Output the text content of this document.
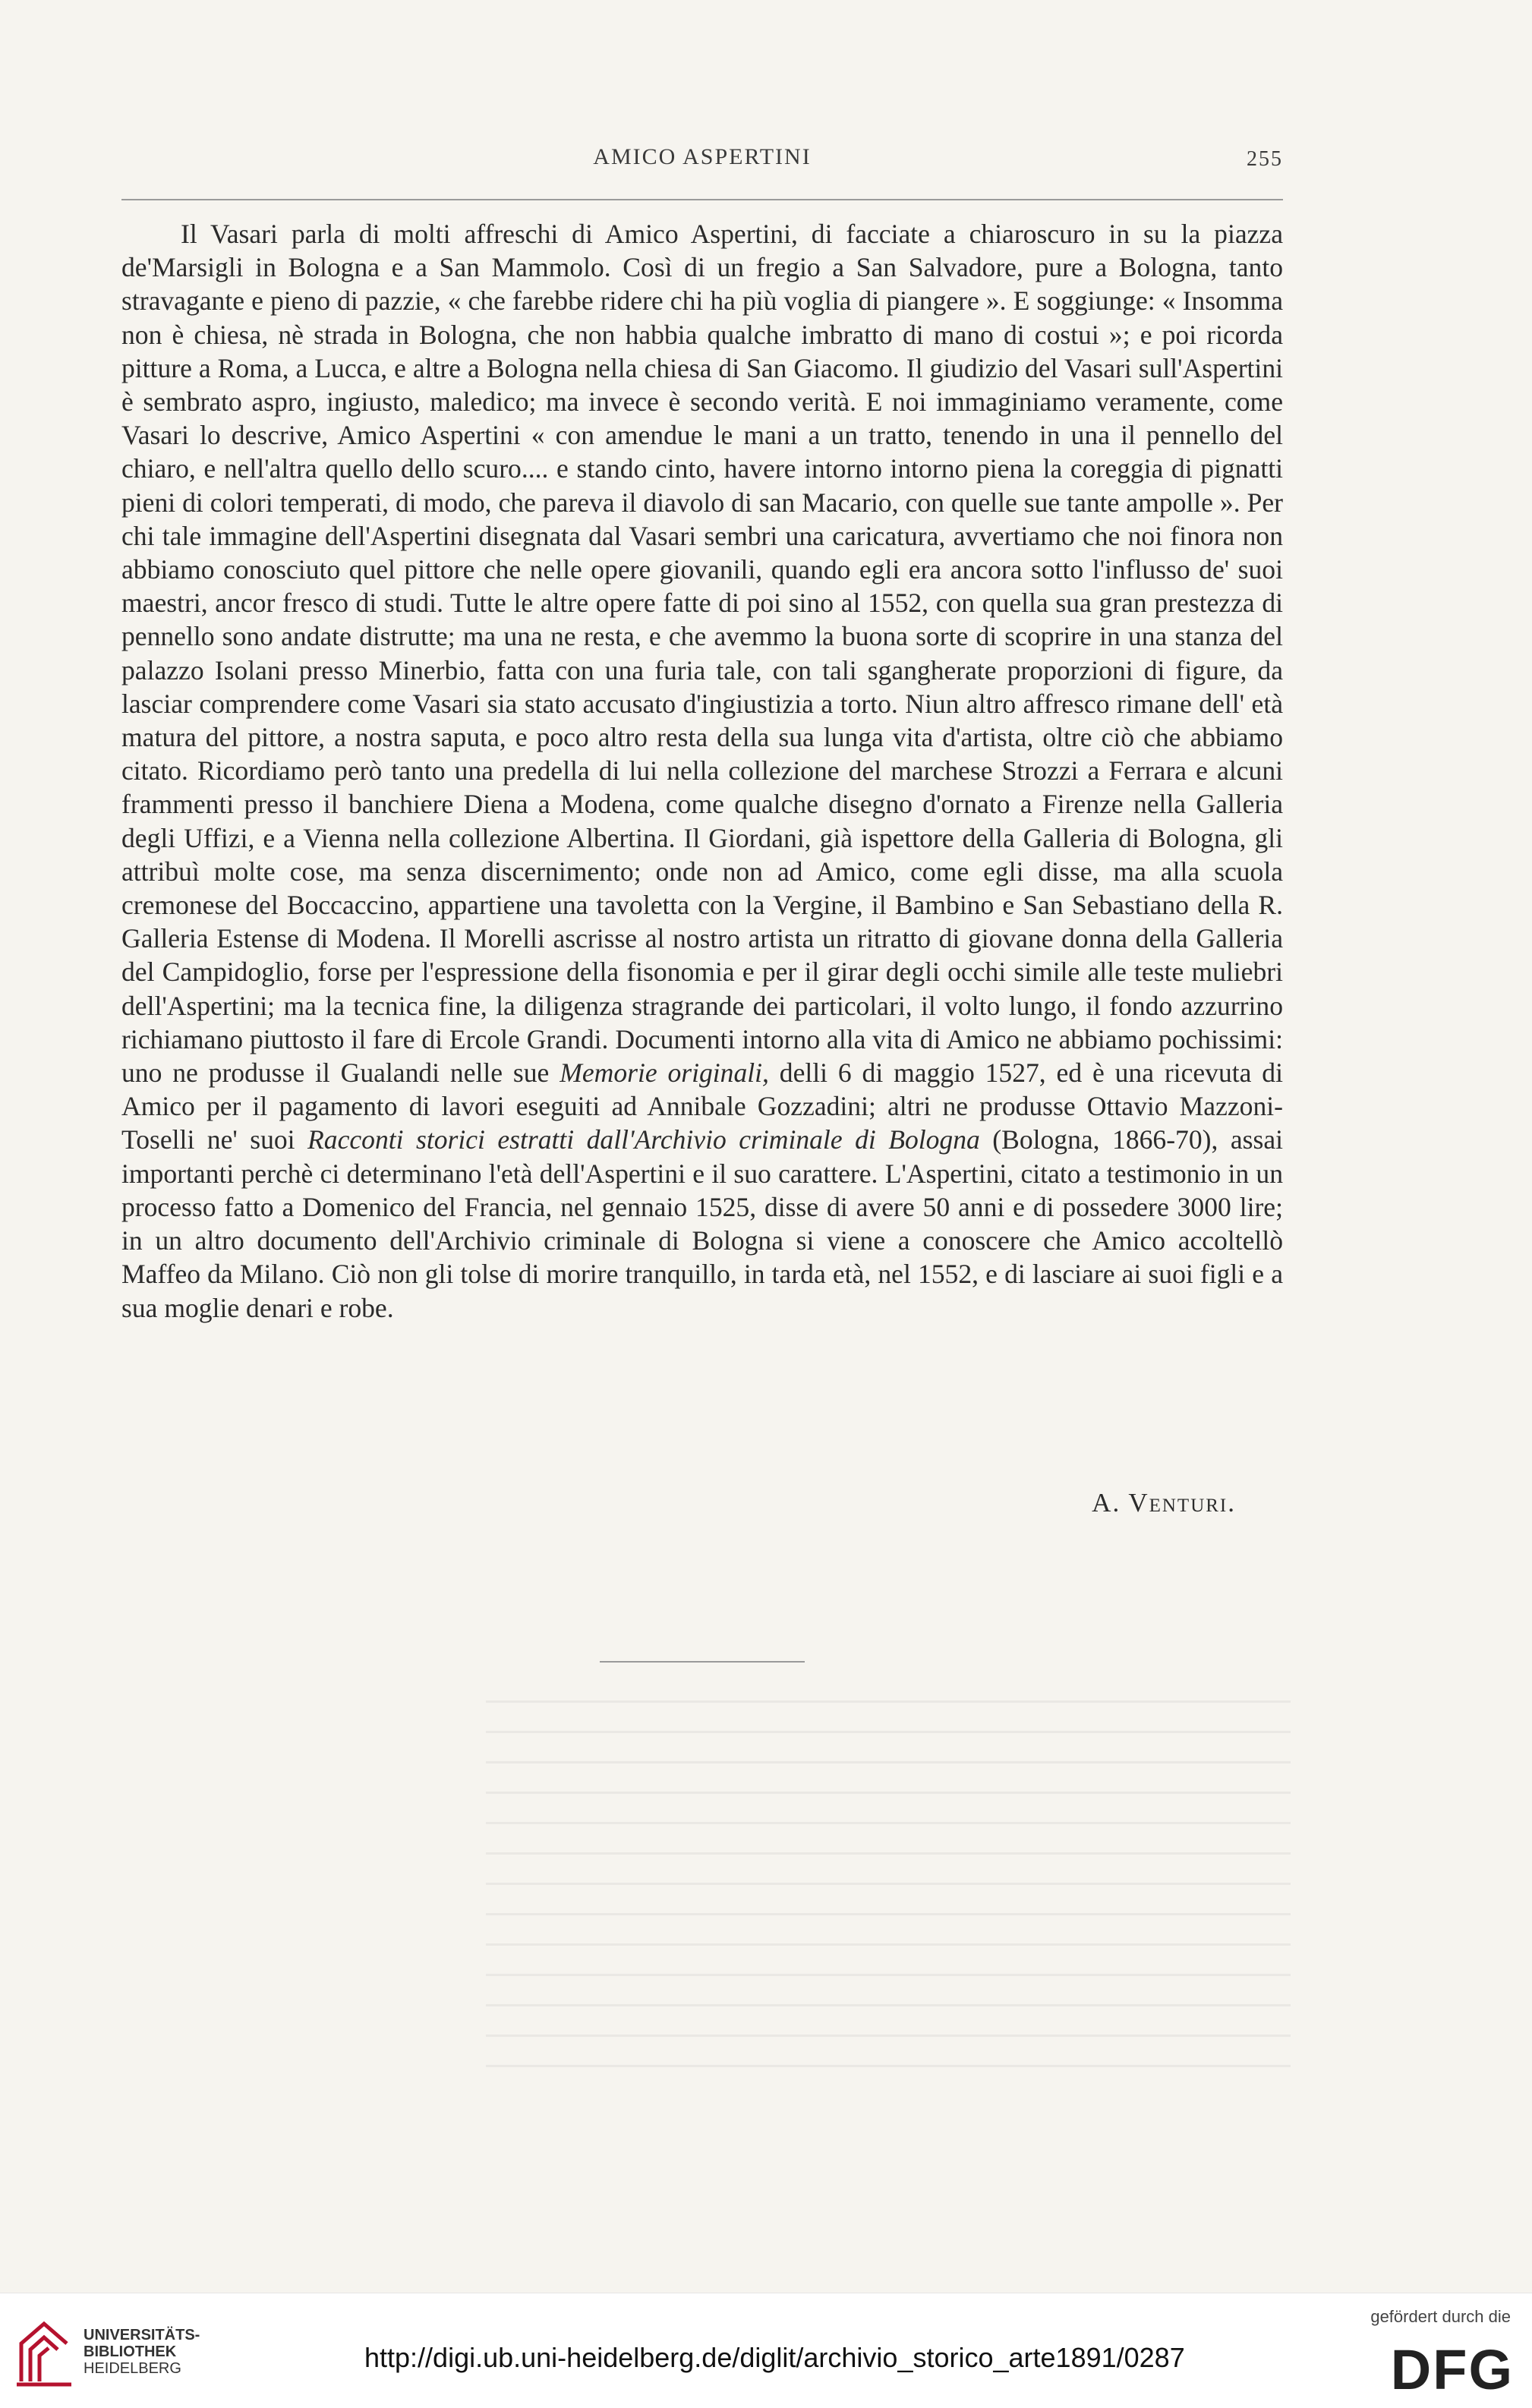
AMICO ASPERTINI	255

Il Vasari parla di molti affreschi di Amico Aspertini, di facciate a chiaroscuro in su la piazza de'Marsigli in Bologna e a San Mammolo. Così di un fregio a San Salvadore, pure a Bologna, tanto stravagante e pieno di pazzie, « che farebbe ridere chi ha più voglia di piangere ». E soggiunge: « Insomma non è chiesa, nè strada in Bologna, che non habbia qualche imbratto di mano di costui »; e poi ricorda pitture a Roma, a Lucca, e altre a Bologna nella chiesa di San Giacomo. Il giudizio del Vasari sull'Aspertini è sembrato aspro, ingiusto, maledico; ma invece è secondo verità. E noi immaginiamo veramente, come Vasari lo descrive, Amico Aspertini « con amendue le mani a un tratto, tenendo in una il pennello del chiaro, e nell'altra quello dello scuro.... e stando cinto, havere intorno intorno piena la coreggia di pignatti pieni di colori temperati, di modo, che pareva il diavolo di san Macario, con quelle sue tante ampolle ». Per chi tale immagine dell'Aspertini disegnata dal Vasari sembri una caricatura, avvertiamo che noi finora non abbiamo conosciuto quel pittore che nelle opere giovanili, quando egli era ancora sotto l'influsso de' suoi maestri, ancor fresco di studi. Tutte le altre opere fatte di poi sino al 1552, con quella sua gran prestezza di pennello sono andate distrutte; ma una ne resta, e che avemmo la buona sorte di scoprire in una stanza del palazzo Isolani presso Minerbio, fatta con una furia tale, con tali sgangherate proporzioni di figure, da lasciar comprendere come Vasari sia stato accusato d'ingiustizia a torto. Niun altro affresco rimane dell' età matura del pittore, a nostra saputa, e poco altro resta della sua lunga vita d'artista, oltre ciò che abbiamo citato. Ricordiamo però tanto una predella di lui nella collezione del marchese Strozzi a Ferrara e alcuni frammenti presso il banchiere Diena a Modena, come qualche disegno d'ornato a Firenze nella Galleria degli Uffizi, e a Vienna nella collezione Albertina. Il Giordani, già ispettore della Galleria di Bologna, gli attribuì molte cose, ma senza discernimento; onde non ad Amico, come egli disse, ma alla scuola cremonese del Boccaccino, appartiene una tavoletta con la Vergine, il Bambino e San Sebastiano della R. Galleria Estense di Modena. Il Morelli ascrisse al nostro artista un ritratto di giovane donna della Galleria del Campidoglio, forse per l'espressione della fisonomia e per il girar degli occhi simile alle teste muliebri dell'Aspertini; ma la tecnica fine, la diligenza stragrande dei particolari, il volto lungo, il fondo azzurrino richiamano piuttosto il fare di Ercole Grandi. Documenti intorno alla vita di Amico ne abbiamo pochissimi: uno ne produsse il Gualandi nelle sue Memorie originali, delli 6 di maggio 1527, ed è una ricevuta di Amico per il pagamento di lavori eseguiti ad Annibale Gozzadini; altri ne produsse Ottavio Mazzoni-Toselli ne' suoi Racconti storici estratti dall'Archivio criminale di Bologna (Bologna, 1866-70), assai importanti perchè ci determinano l'età dell'Aspertini e il suo carattere. L'Aspertini, citato a testimonio in un processo fatto a Domenico del Francia, nel gennaio 1525, disse di avere 50 anni e di possedere 3000 lire; in un altro documento dell'Archivio criminale di Bologna si viene a conoscere che Amico accoltellò Maffeo da Milano. Ciò non gli tolse di morire tranquillo, in tarda età, nel 1552, e di lasciare ai suoi figli e a sua moglie denari e robe.

A. Venturi.
UNIVERSITÄTS-
BIBLIOTHEK
HEIDELBERG	http://digi.ub.uni-heidelberg.de/diglit/archivio_storico_arte1891/0287
gefördert durch die
DFG
